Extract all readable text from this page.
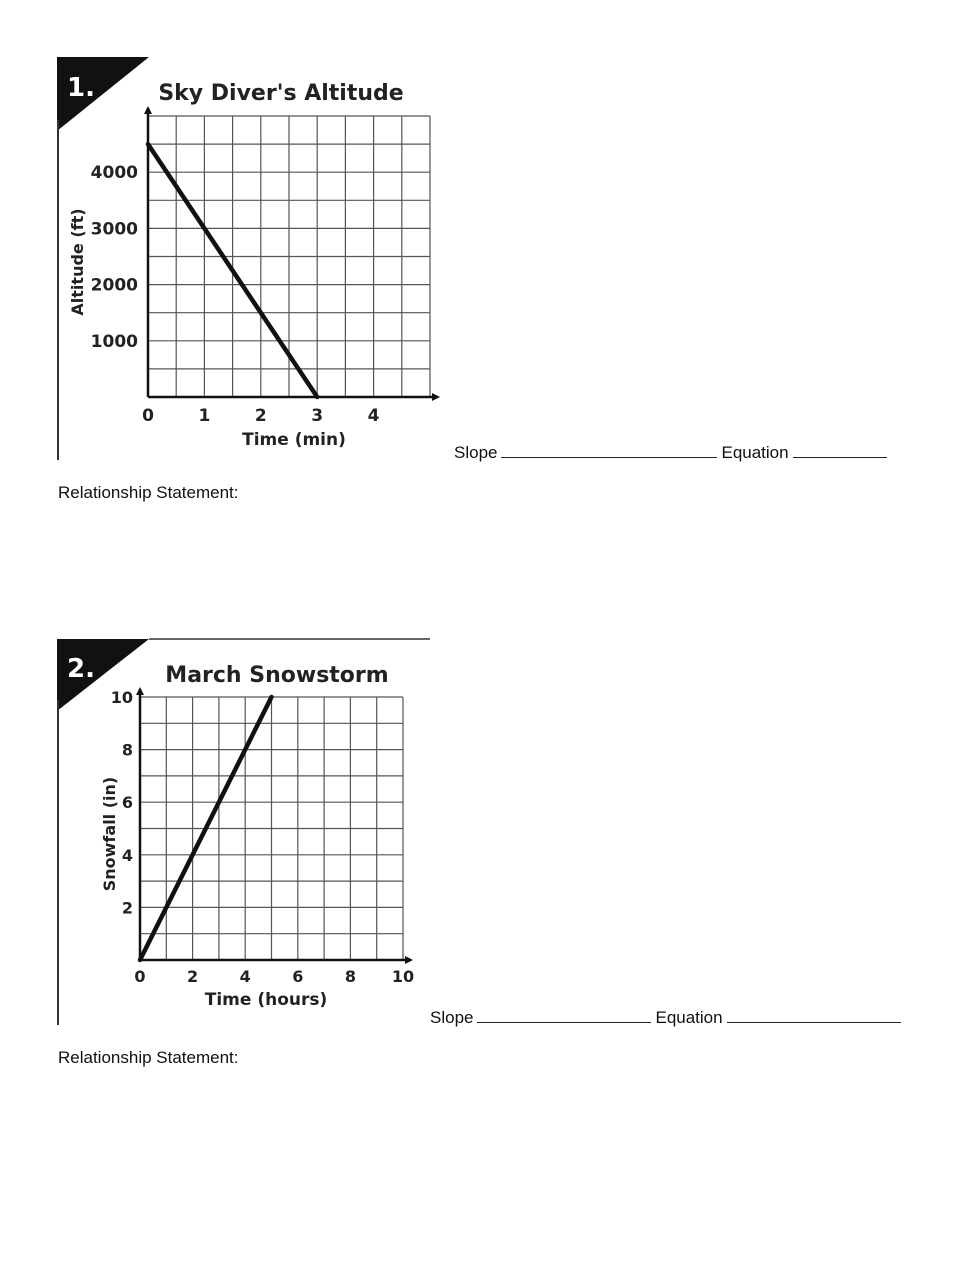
1.	Sky Diver's Altitude
0	1	2	3	4
1000
2000
3000
4000
Time (min)
Altitude (ft)
Slope	Equation
Relationship Statement:
2.	March Snowstorm
0	2	4	6	8 10
2
4
6
8
10
Time (hours)
Snowfall (in)
Slope	Equation
Relationship Statement:
